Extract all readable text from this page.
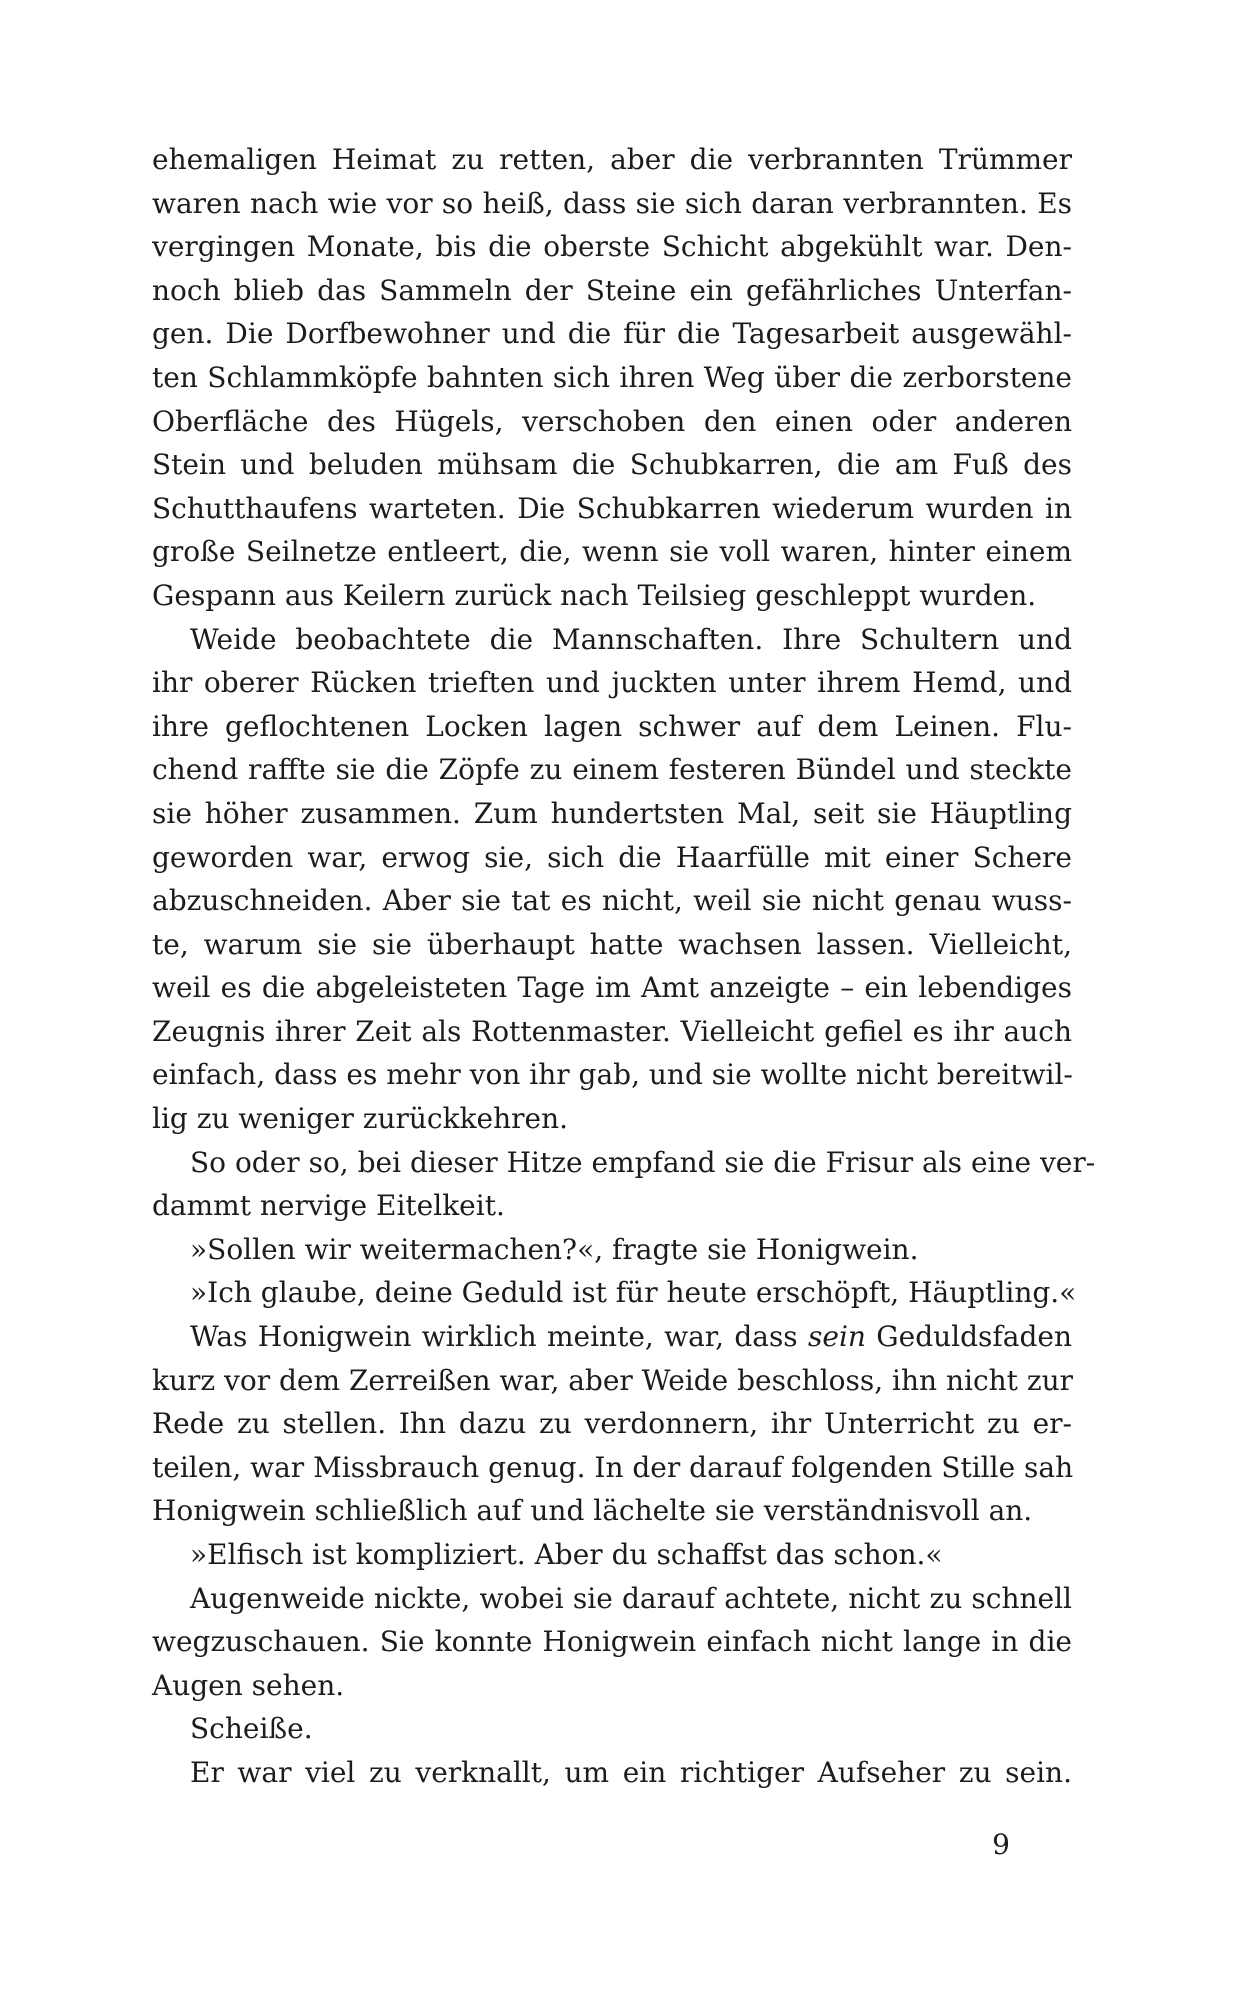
ehemaligen Heimat zu retten, aber die verbrannten Trümmer
waren nach wie vor so heiß, dass sie sich daran verbrannten. Es
vergingen Monate, bis die oberste Schicht abgekühlt war. Den-
noch blieb das Sammeln der Steine ein gefährliches Unterfan-
gen. Die Dorfbewohner und die für die Tagesarbeit ausgewähl-
ten Schlammköpfe bahnten sich ihren Weg über die zerborstene
Oberfläche des Hügels, verschoben den einen oder anderen
Stein und beluden mühsam die Schubkarren, die am Fuß des
Schutthaufens warteten. Die Schubkarren wiederum wurden in
große Seilnetze entleert, die, wenn sie voll waren, hinter einem
Gespann aus Keilern zurück nach Teilsieg geschleppt wurden.
Weide beobachtete die Mannschaften. Ihre Schultern und
ihr oberer Rücken trieften und juckten unter ihrem Hemd, und
ihre geflochtenen Locken lagen schwer auf dem Leinen. Flu-
chend raffte sie die Zöpfe zu einem festeren Bündel und steckte
sie höher zusammen. Zum hundertsten Mal, seit sie Häuptling
geworden war, erwog sie, sich die Haarfülle mit einer Schere
abzuschneiden. Aber sie tat es nicht, weil sie nicht genau wuss-
te, warum sie sie überhaupt hatte wachsen lassen. Vielleicht,
weil es die abgeleisteten Tage im Amt anzeigte – ein lebendiges
Zeugnis ihrer Zeit als Rottenmaster. Vielleicht gefiel es ihr auch
einfach, dass es mehr von ihr gab, und sie wollte nicht bereitwil-
lig zu weniger zurückkehren.
So oder so, bei dieser Hitze empfand sie die Frisur als eine ver-
dammt nervige Eitelkeit.
»Sollen wir weitermachen?«, fragte sie Honigwein.
»Ich glaube, deine Geduld ist für heute erschöpft, Häuptling.«
Was Honigwein wirklich meinte, war, dass sein Geduldsfaden
kurz vor dem Zerreißen war, aber Weide beschloss, ihn nicht zur
Rede zu stellen. Ihn dazu zu verdonnern, ihr Unterricht zu er-
teilen, war Missbrauch genug. In der darauf folgenden Stille sah
Honigwein schließlich auf und lächelte sie verständnisvoll an.
»Elfisch ist kompliziert. Aber du schaffst das schon.«
Augenweide nickte, wobei sie darauf achtete, nicht zu schnell
wegzuschauen. Sie konnte Honigwein einfach nicht lange in die
Augen sehen.
Scheiße.
Er war viel zu verknallt, um ein richtiger Aufseher zu sein.
9
